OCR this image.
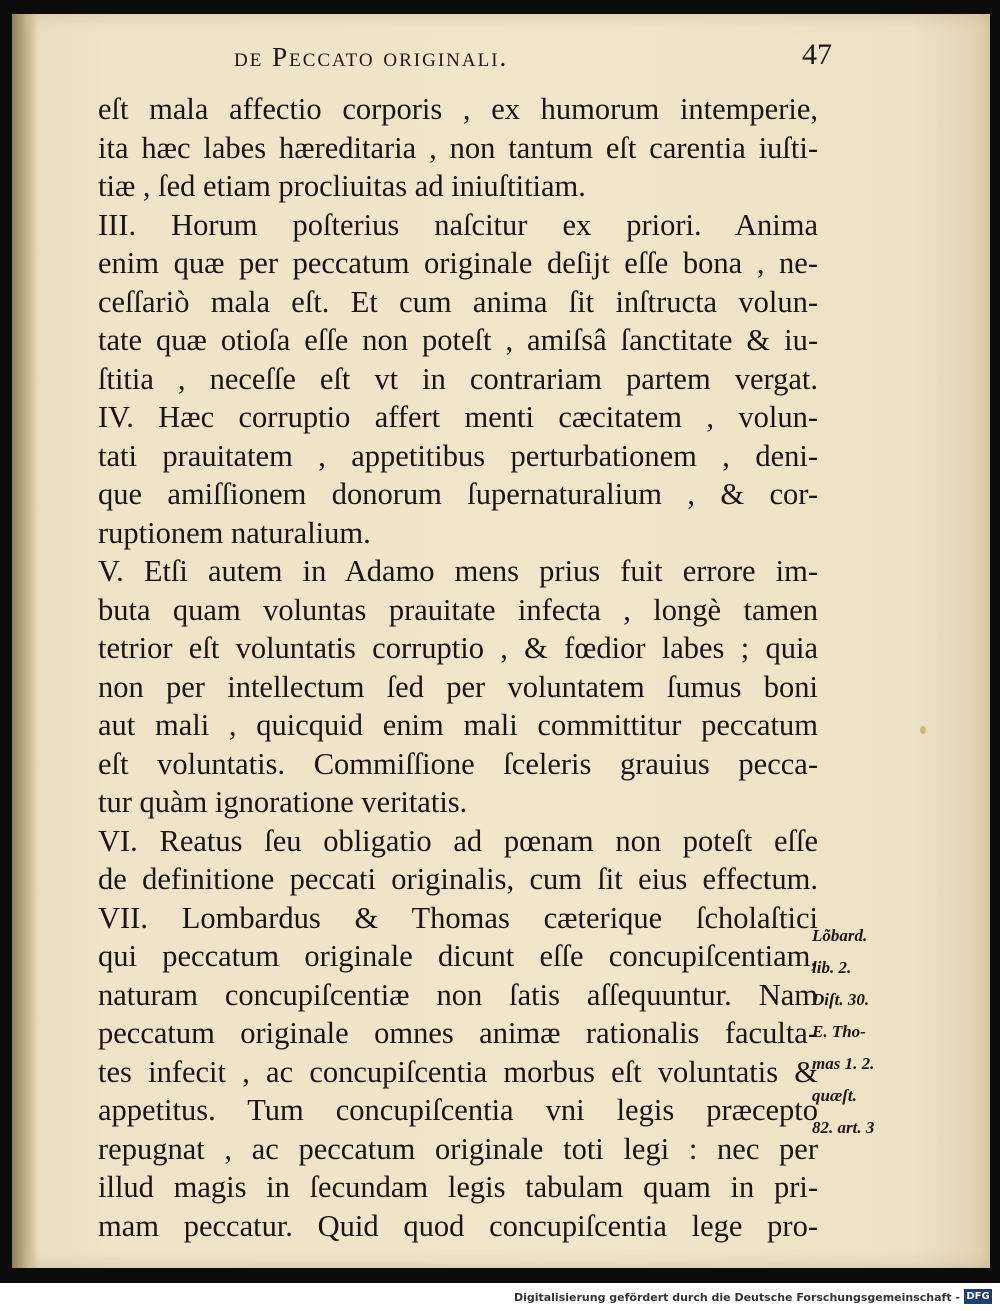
de Peccato originali.	47
eſt mala affectio corporis , ex humorum intemperie,
ita hæc labes hæreditaria , non tantum eſt carentia iuſti-
tiæ , ſed etiam procliuitas ad iniuſtitiam.
III. Horum poſterius naſcitur ex priori. Anima
enim quæ per peccatum originale deſijt eſſe bona , ne-
ceſſariò mala eſt. Et cum anima ſit inſtructa volun-
tate quæ otioſa eſſe non poteſt , amiſsâ ſanctitate & iu-
ſtitia , neceſſe eſt vt in contrariam partem vergat.
IV. Hæc corruptio affert menti cæcitatem , volun-
tati prauitatem , appetitibus perturbationem , deni-
que amiſſionem donorum ſupernaturalium , & cor-
ruptionem naturalium.
V. Etſi autem in Adamo mens prius fuit errore im-
buta quam voluntas prauitate infecta , longè tamen
tetrior eſt voluntatis corruptio , & fœdior labes ; quia
non per intellectum ſed per voluntatem ſumus boni
aut mali , quicquid enim mali committitur peccatum
eſt voluntatis. Commiſſione ſceleris grauius pecca-
tur quàm ignoratione veritatis.
VI. Reatus ſeu obligatio ad pœnam non poteſt eſſe
de definitione peccati originalis, cum ſit eius effectum.
VII. Lombardus & Thomas cæterique ſcholaſtici
qui peccatum originale dicunt eſſe concupiſcentiam,
naturam concupiſcentiæ non ſatis aſſequuntur. Nam
peccatum originale omnes animæ rationalis faculta-
tes infecit , ac concupiſcentia morbus eſt voluntatis &
appetitus. Tum concupiſcentia vni legis præcepto
repugnat , ac peccatum originale toti legi : nec per
illud magis in ſecundam legis tabulam quam in pri-
mam peccatur. Quid quod concupiſcentia lege pro-
Lõbard.
lib. 2.
Diſt. 30.
E. Tho-
mas 1. 2.
quæſt.
82. art. 3
Digitalisierung gefördert durch die Deutsche Forschungsgemeinschaft - DFG
